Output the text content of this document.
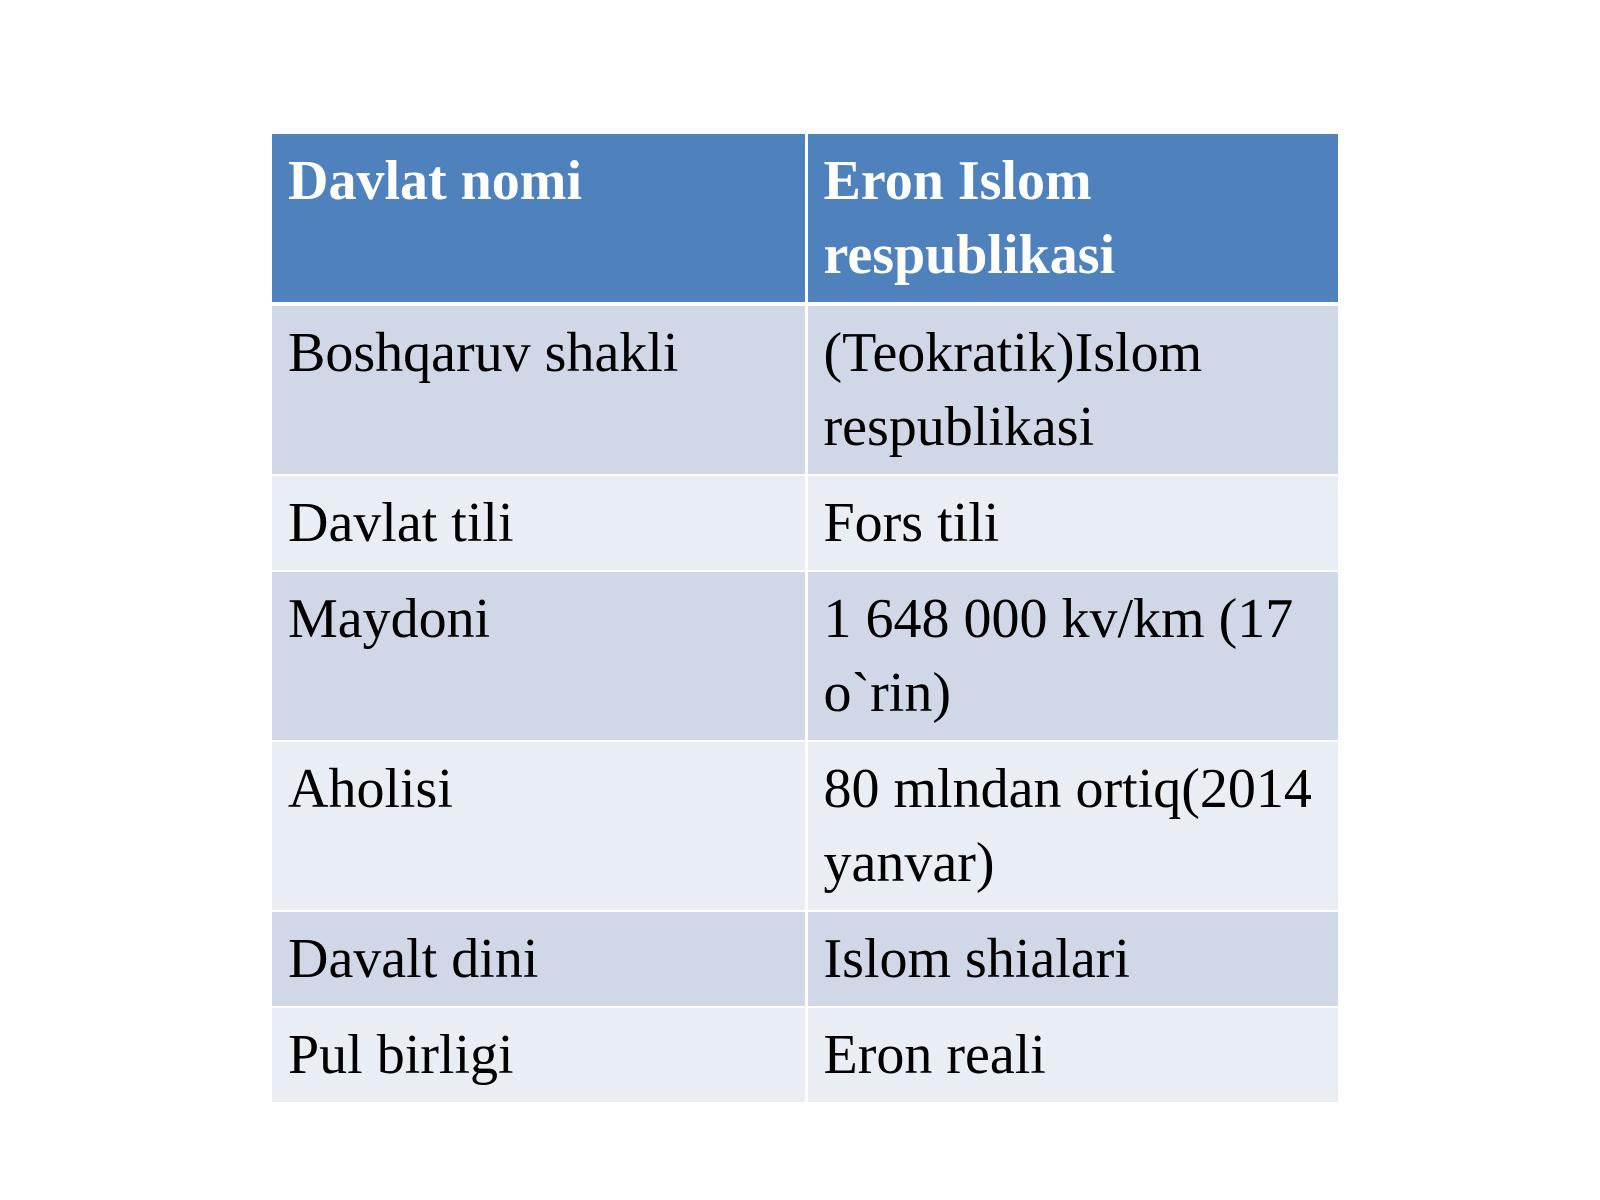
Davlat nomi	Eron Islom respublikasi
Boshqaruv shakli	(Teokratik)Islom respublikasi
Davlat tili	Fors tili
Maydoni	1 648 000 kv/km (17 o`rin)
Aholisi	80 mlndan ortiq(2014 yanvar)
Davalt dini	Islom shialari
Pul birligi	Eron reali
